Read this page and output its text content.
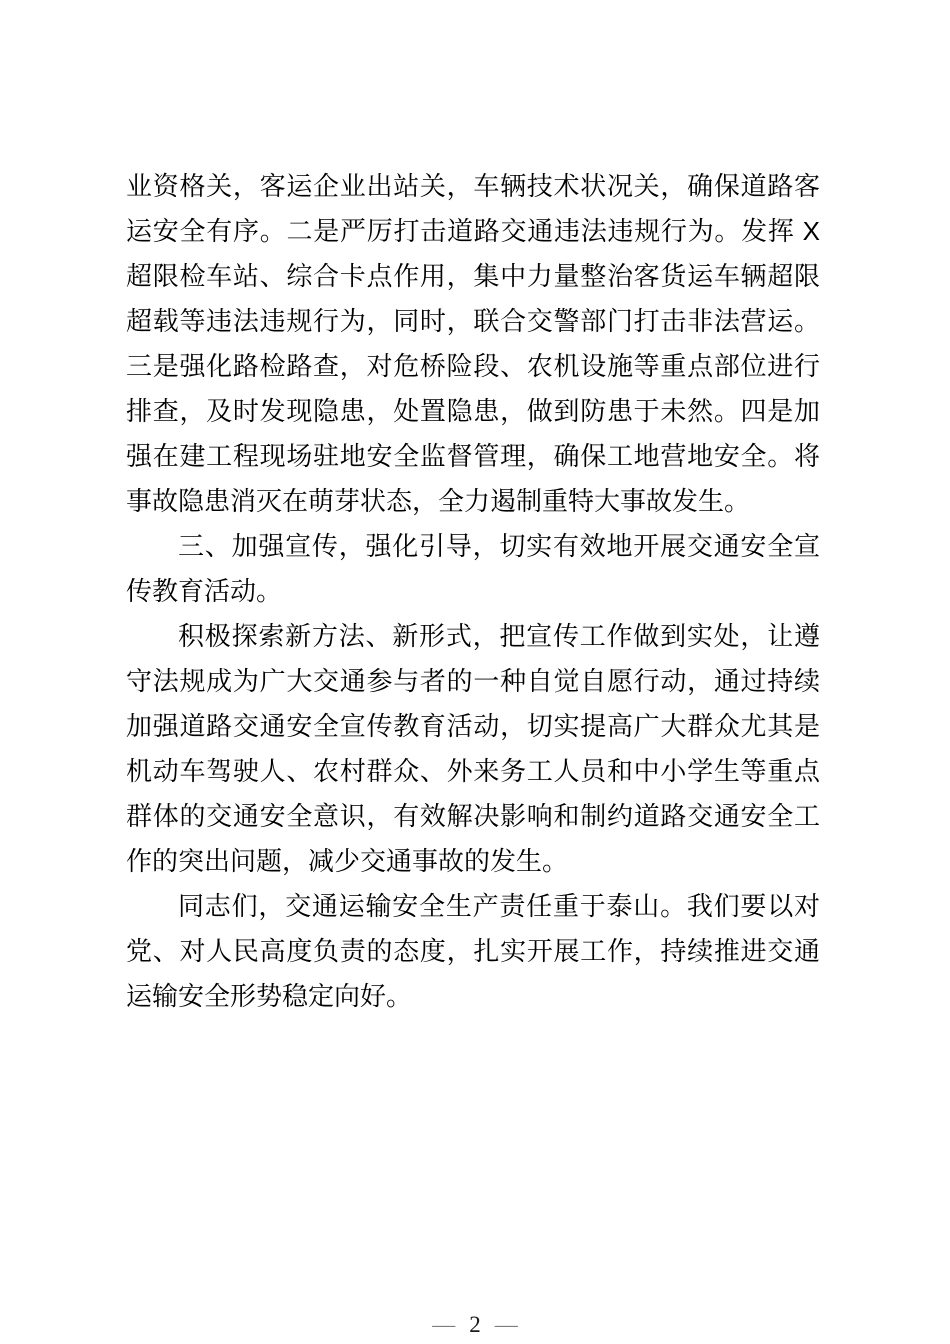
业资格关，客运企业出站关，车辆技术状况关，确保道路客运安全有序。二是严厉打击道路交通违法违规行为。发挥 X 超限检车站、综合卡点作用，集中力量整治客货运车辆超限超载等违法违规行为，同时，联合交警部门打击非法营运。三是强化路检路查，对危桥险段、农机设施等重点部位进行排查，及时发现隐患，处置隐患，做到防患于未然。四是加强在建工程现场驻地安全监督管理，确保工地营地安全。将事故隐患消灭在萌芽状态，全力遏制重特大事故发生。

三、加强宣传，强化引导，切实有效地开展交通安全宣传教育活动。

积极探索新方法、新形式，把宣传工作做到实处，让遵守法规成为广大交通参与者的一种自觉自愿行动，通过持续加强道路交通安全宣传教育活动，切实提高广大群众尤其是机动车驾驶人、农村群众、外来务工人员和中小学生等重点群体的交通安全意识，有效解决影响和制约道路交通安全工作的突出问题，减少交通事故的发生。

同志们，交通运输安全生产责任重于泰山。我们要以对党、对人民高度负责的态度，扎实开展工作，持续推进交通运输安全形势稳定向好。

— 2 —
